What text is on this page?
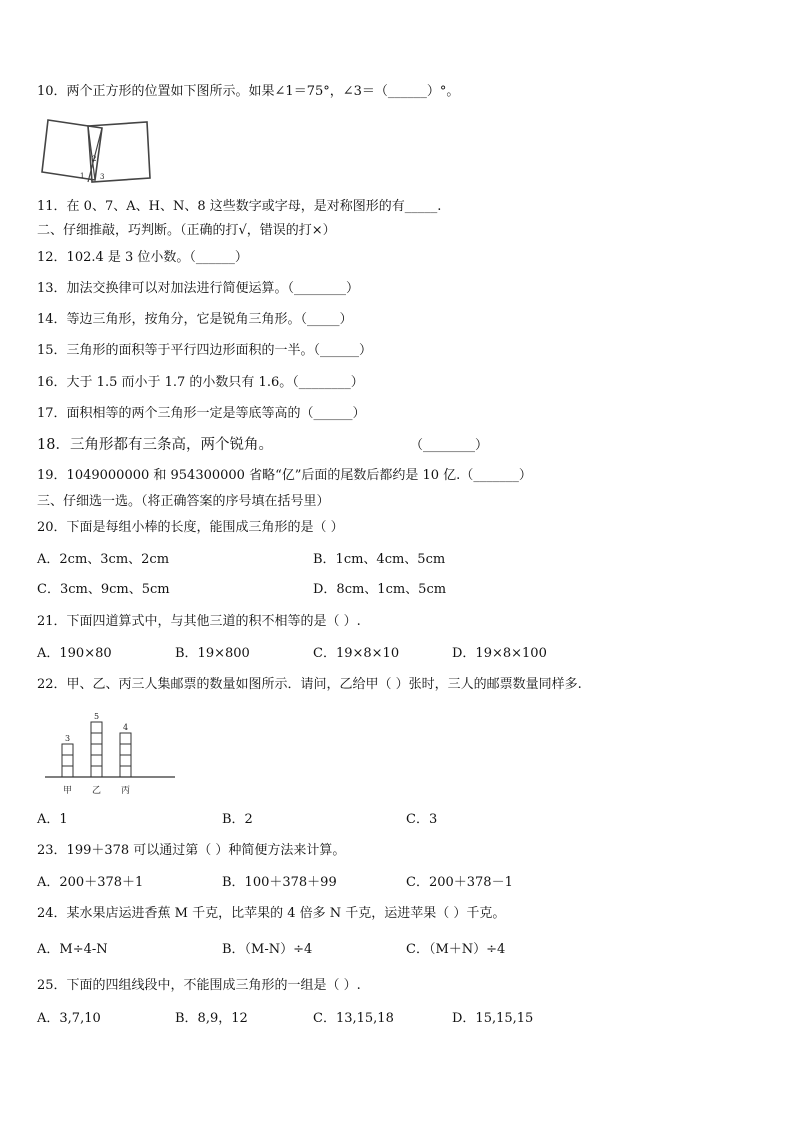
10．两个正方形的位置如下图所示。如果∠1＝75°，∠3＝（______）°。
1
2
3
11．在 0、7、A、H、N、8 这些数字或字母，是对称图形的有_____.
二、仔细推敲，巧判断。（正确的打√，错误的打×）
12．102.4 是 3 位小数。（______）
13．加法交换律可以对加法进行简便运算。（________）
14．等边三角形，按角分，它是锐角三角形。（_____）
15．三角形的面积等于平行四边形面积的一半。（______）
16．大于 1.5 而小于 1.7 的小数只有 1.6。（________）
17．面积相等的两个三角形一定是等底等高的（______）
18．三角形都有三条高，两个锐角。	（________）
19．1049000000 和 954300000 省略“亿”后面的尾数后都约是 10 亿.（_______）
三、仔细选一选。（将正确答案的序号填在括号里）
20．下面是每组小棒的长度，能围成三角形的是（ ）
A．2cm、3cm、2cm	B．1cm、4cm、5cm
C．3cm、9cm、5cm	D．8cm、1cm、5cm
21．下面四道算式中，与其他三道的积不相等的是（ ）.
A．190×80	B．19×800	C．19×8×10	D．19×8×100
22．甲、乙、丙三人集邮票的数量如图所示．请问，乙给甲（ ）张时，三人的邮票数量同样多.
3
甲
5
乙
4
丙
A．1	B．2	C．3
23．199＋378 可以通过第（ ）种简便方法来计算。
A．200＋378＋1	B．100＋378＋99	C．200＋378－1
24．某水果店运进香蕉 M 千克，比苹果的 4 倍多 N 千克，运进苹果（ ）千克。
A．M÷4-N	B．（M-N）÷4	C．（M＋N）÷4
25．下面的四组线段中，不能围成三角形的一组是（ ）.
A．3,7,10	B．8,9，12	C．13,15,18	D．15,15,15
